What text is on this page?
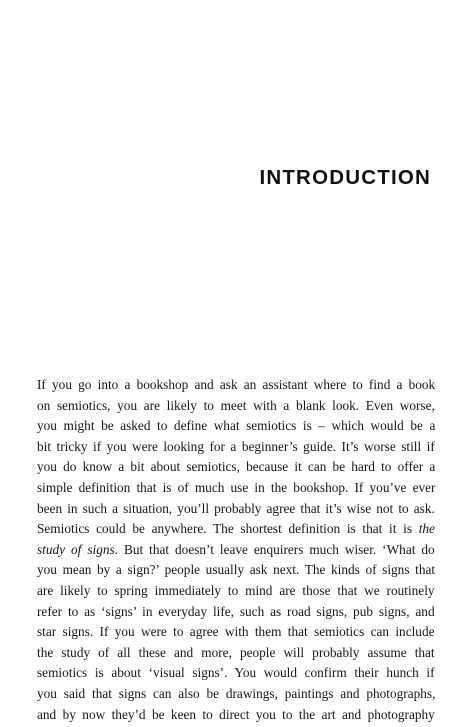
INTRODUCTION
If you go into a bookshop and ask an assistant where to find a book
on semiotics, you are likely to meet with a blank look. Even worse,
you might be asked to define what semiotics is – which would be a
bit tricky if you were looking for a beginner’s guide. It’s worse still if
you do know a bit about semiotics, because it can be hard to offer a
simple definition that is of much use in the bookshop. If you’ve ever
been in such a situation, you’ll probably agree that it’s wise not to ask.
Semiotics could be anywhere. The shortest definition is that it is the
study of signs. But that doesn’t leave enquirers much wiser. ‘What do
you mean by a sign?’ people usually ask next. The kinds of signs that
are likely to spring immediately to mind are those that we routinely
refer to as ‘signs’ in everyday life, such as road signs, pub signs, and
star signs. If you were to agree with them that semiotics can include
the study of all these and more, people will probably assume that
semiotics is about ‘visual signs’. You would confirm their hunch if
you said that signs can also be drawings, paintings and photographs,
and by now they’d be keen to direct you to the art and photography
